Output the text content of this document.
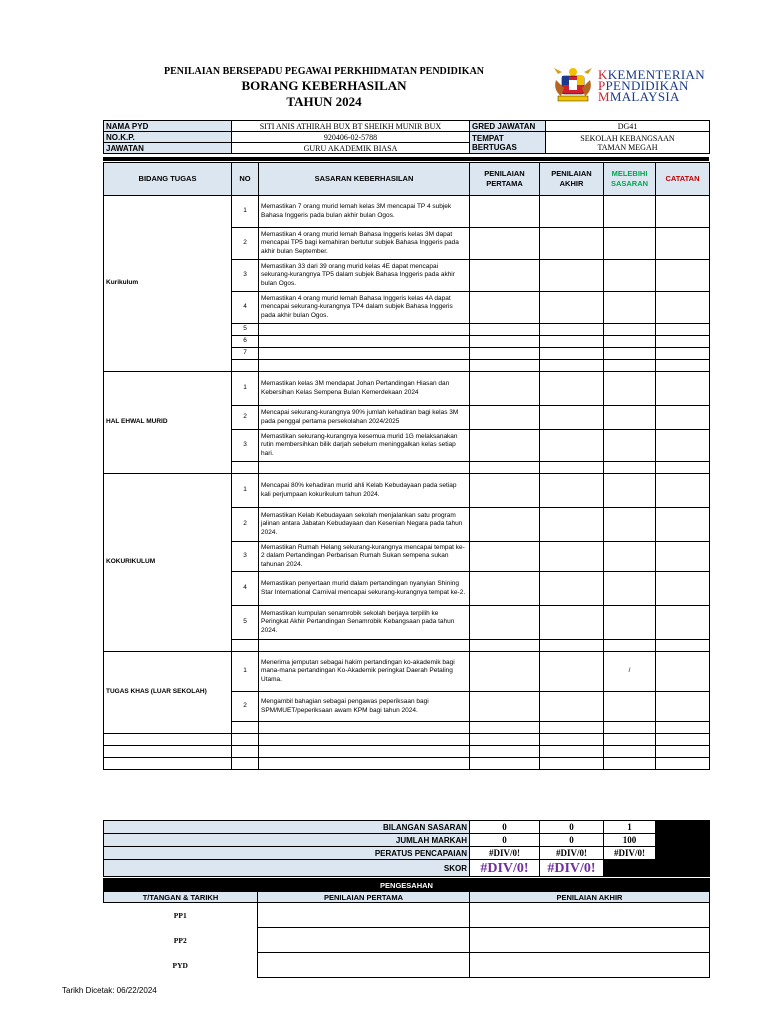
PENILAIAN BERSEPADU PEGAWAI PERKHIDMATAN PENDIDIKAN
BORANG KEBERHASILAN
TAHUN 2024
KKEMENTERIAN
PPENDIDIKAN
MMALAYSIA
NAMA PYD	SITI ANIS ATHIRAH BUX BT SHEIKH MUNIR BUX	GRED JAWATAN	DG41
NO.K.P.	920406-02-5788	TEMPAT BERTUGAS	SEKOLAH KEBANGSAAN
TAMAN MEGAH

JAWATAN	GURU AKADEMIK BIASA		
BIDANG TUGAS	NO	SASARAN KEBERHASILAN	PENILAIAN PERTAMA	PENILAIAN AKHIR	MELEBIHI SASARAN	CATATAN
Kurikulum	1	Memastikan 7 orang murid lemah kelas 3M mencapai TP 4 subjek Bahasa Inggeris pada bulan akhir bulan Ogos.				
	2	Memastikan 4 orang murid lemah Bahasa Inggeris kelas 3M dapat mencapai TP5 bagi kemahiran bertutur subjek Bahasa Inggeris pada akhir bulan September.				
	3	Memastikan 33 dari 39 orang murid kelas 4E dapat mencapai sekurang-kurangnya TP5 dalam subjek Bahasa Inggeris pada akhir bulan Ogos.				
	4	Memastikan 4 orang murid lemah Bahasa Inggeris kelas 4A dapat mencapai sekurang-kurangnya TP4 dalam subjek Bahasa Inggeris pada akhir bulan Ogos.				
	5					
	6					
	7					

HAL EHWAL MURID	1	Memastikan kelas 3M mendapat Johan Pertandingan Hiasan dan Kebersihan Kelas Sempena Bulan Kemerdekaan 2024				
	2	Mencapai sekurang-kurangnya 90% jumlah kehadiran bagi kelas 3M pada penggal pertama persekolahan 2024/2025				
	3	Memastikan sekurang-kurangnya kesemua murid 1G melaksanakan rutin membersihkan bilik darjah sebelum meninggalkan kelas setiap hari.				

KOKURIKULUM	1	Mencapai 80% kehadiran murid ahli Kelab Kebudayaan pada setiap kali perjumpaan kokurikulum tahun 2024.				
	2	Memastikan Kelab Kebudayaan sekolah menjalankan satu program jalinan antara Jabatan Kebudayaan dan Kesenian Negara pada tahun 2024.				
	3	Memastikan Rumah Helang sekurang-kurangnya mencapai tempat ke-2 dalam Pertandingan Perbarisan Rumah Sukan sempena sukan tahunan 2024.				
	4	Memastikan penyertaan murid dalam pertandingan nyanyian Shining Star International Carnival mencapai sekurang-kurangnya tempat ke-2.				
	5	Memastikan kumpulan senamrobik sekolah berjaya terpilih ke Peringkat Akhir Pertandingan Senamrobik Kebangsaan pada tahun 2024.				

TUGAS KHAS (LUAR SEKOLAH)	1	Menerima jemputan sebagai hakim pertandingan ko-akademik bagi mana-mana pertandingan Ko-Akademik peringkat Daerah Petaling Utama.			/	
	2	Mengambil bahagian sebagai pengawas peperiksaan bagi SPM/MUET/peperiksaan awam KPM bagi tahun 2024.				

BILANGAN SASARAN	0	0	1	
JUMLAH MARKAH	0	0	100	
PERATUS PENCAPAIAN	#DIV/0!	#DIV/0!	#DIV/0!	
SKOR	#DIV/0!	#DIV/0!		
PENGESAHAN		
T/TANGAN & TARIKH	PENILAIAN PERTAMA	PENILAIAN AKHIR
PP1		
PP2		
PYD		
Tarikh Dicetak: 06/22/2024
